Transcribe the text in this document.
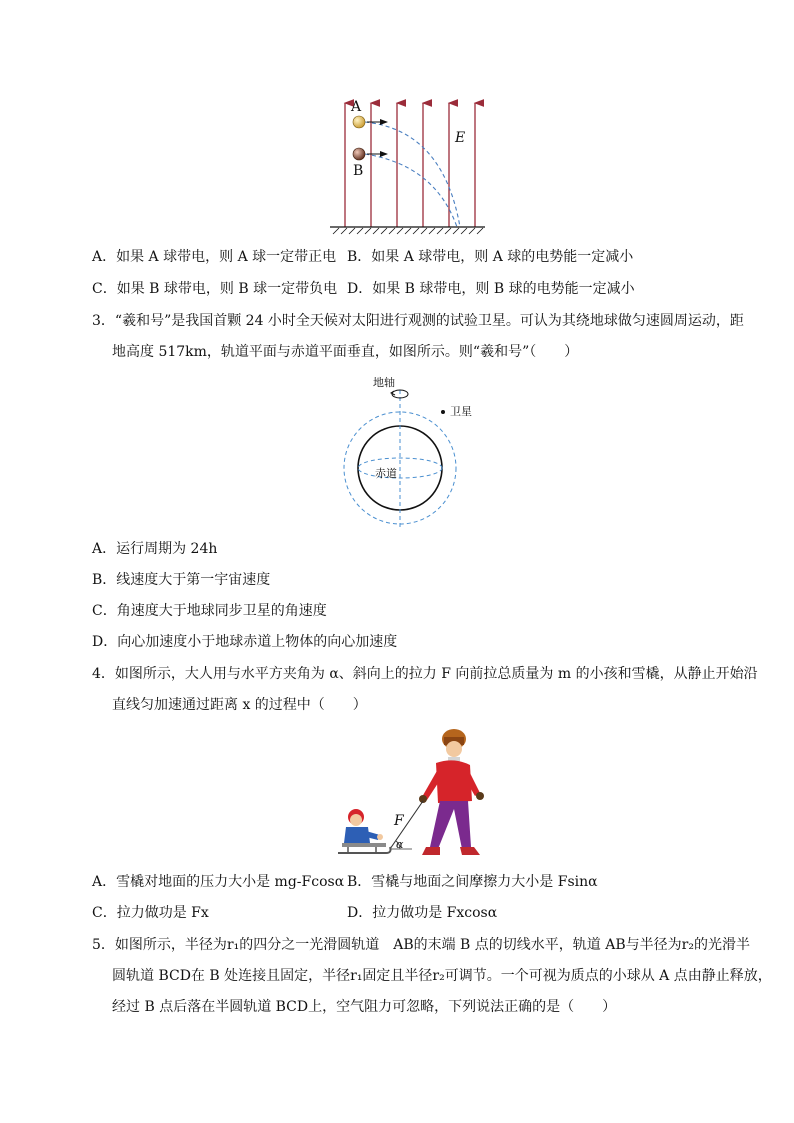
A
B
E
A．如果 A 球带电，则 A 球一定带正电 B．如果 A 球带电，则 A 球的电势能一定减小
C．如果 B 球带电，则 B 球一定带负电 D．如果 B 球带电，则 B 球的电势能一定减小
3．“羲和号”是我国首颗 24 小时全天候对太阳进行观测的试验卫星。可认为其绕地球做匀速圆周运动，距
地高度 517km，轨道平面与赤道平面垂直，如图所示。则“羲和号”（　　）
地轴
卫星
赤道
A．运行周期为 24h
B．线速度大于第一宇宙速度
C．角速度大于地球同步卫星的角速度
D．向心加速度小于地球赤道上物体的向心加速度
4．如图所示，大人用与水平方夹角为 α、斜向上的拉力 F 向前拉总质量为 m 的小孩和雪橇，从静止开始沿
直线匀加速通过距离 x 的过程中（　　）
F
α
A．雪橇对地面的压力大小是 mg-Fcosα B．雪橇与地面之间摩擦力大小是 Fsinα
C．拉力做功是 Fx	D．拉力做功是 Fxcosα
5．如图所示，半径为r₁的四分之一光滑圆轨道　AB的末端 B 点的切线水平，轨道 AB与半径为r₂的光滑半
圆轨道 BCD在 B 处连接且固定，半径r₁固定且半径r₂可调节。一个可视为质点的小球从 A 点由静止释放，
经过 B 点后落在半圆轨道 BCD上，空气阻力可忽略，下列说法正确的是（　　）
